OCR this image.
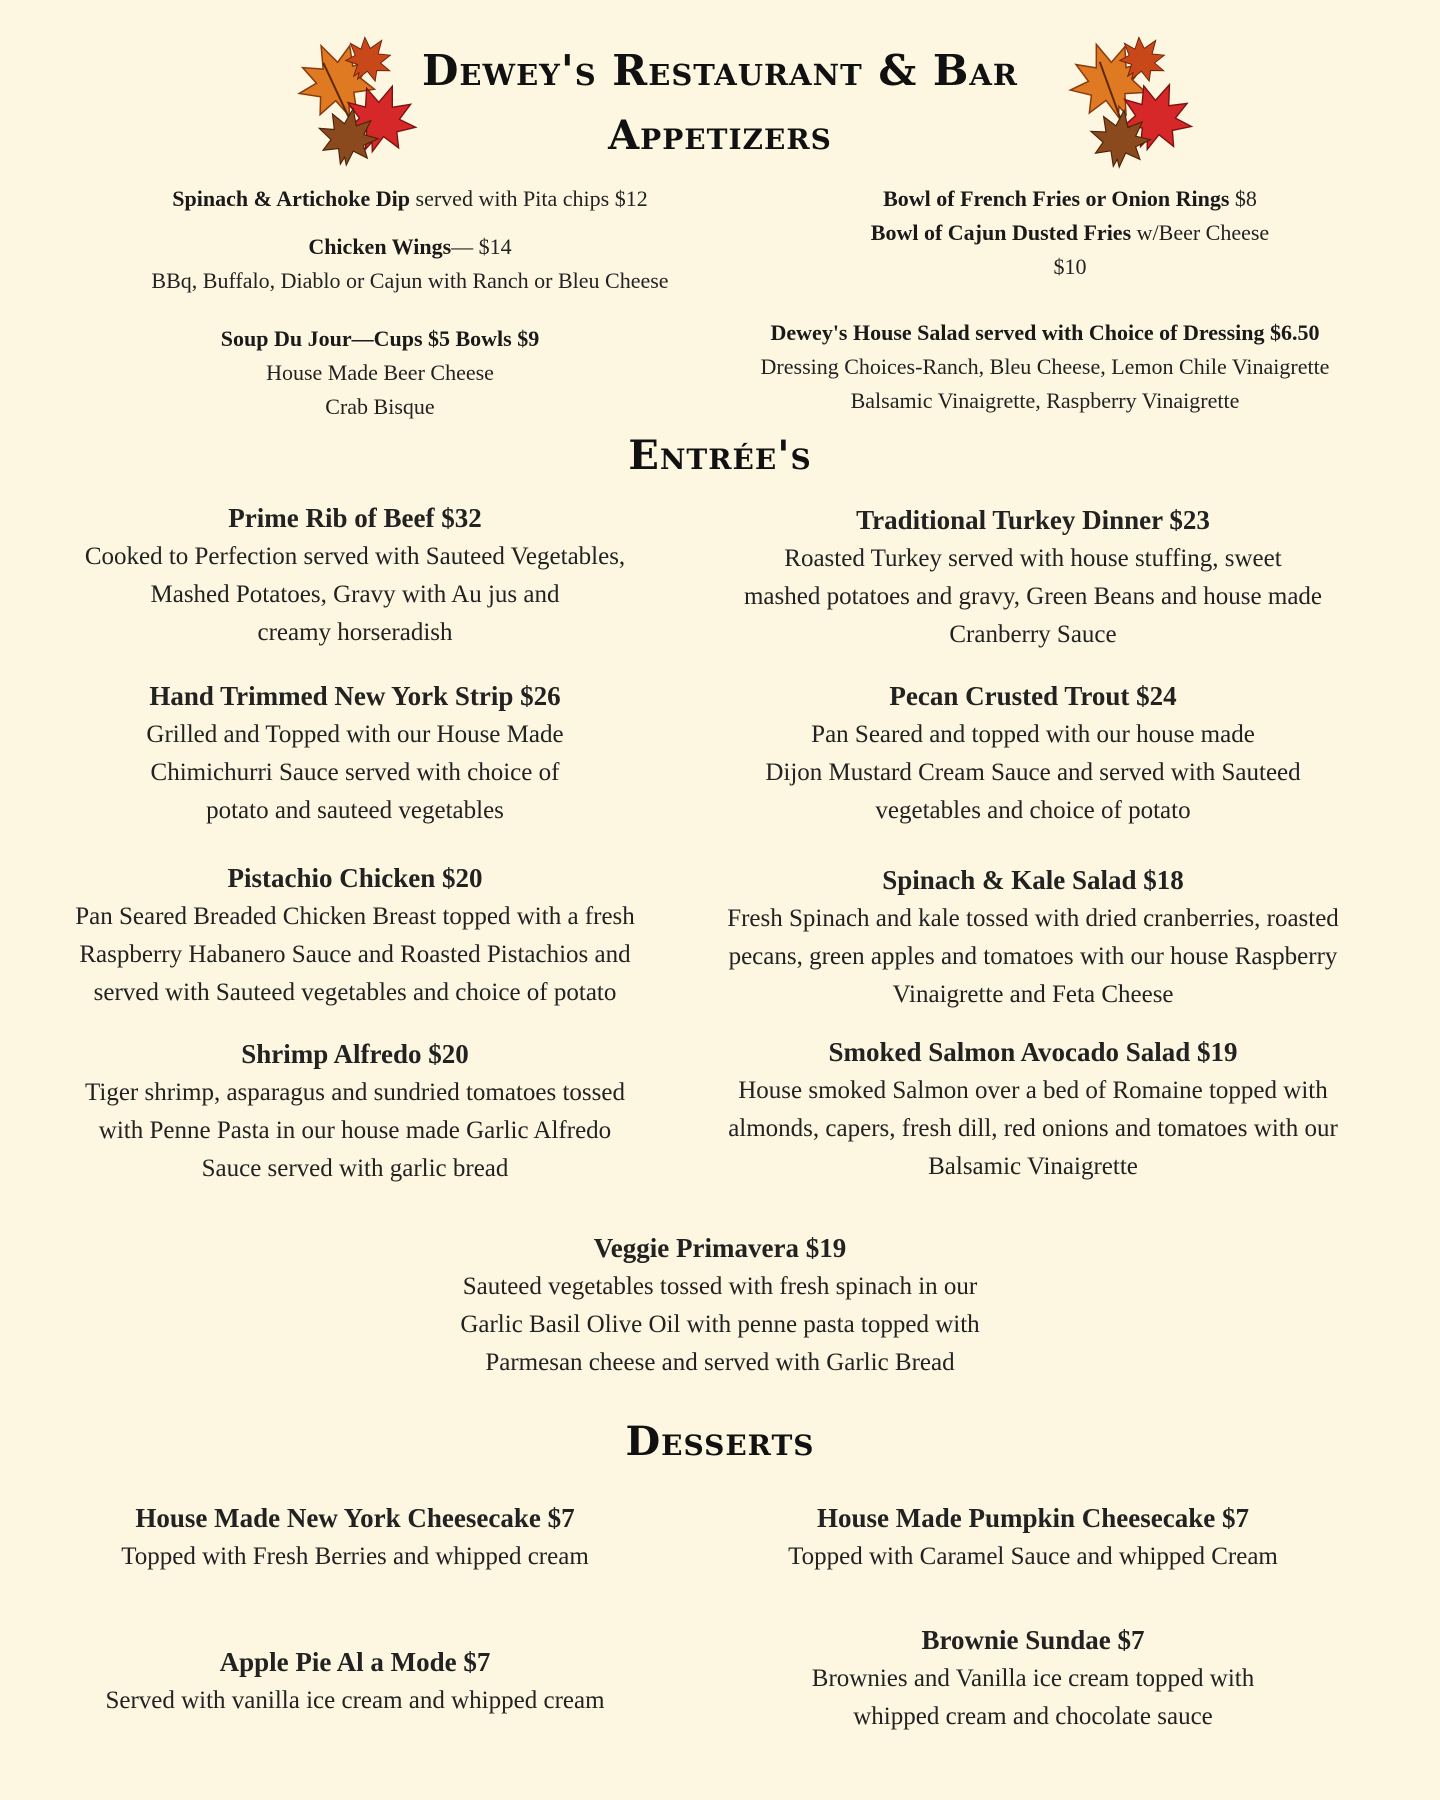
Dewey's Restaurant & Bar
Appetizers
Spinach & Artichoke Dip served with Pita chips $12
Chicken Wings— $14
BBq, Buffalo, Diablo or Cajun with Ranch or Bleu Cheese
Soup Du Jour—Cups $5 Bowls $9
House Made Beer Cheese
Crab Bisque
Bowl of French Fries or Onion Rings $8
Bowl of Cajun Dusted Fries w/Beer Cheese
$10
Dewey's House Salad served with Choice of Dressing $6.50
Dressing Choices-Ranch, Bleu Cheese, Lemon Chile Vinaigrette
Balsamic Vinaigrette, Raspberry Vinaigrette
Entrée's
Prime Rib of Beef $32
Cooked to Perfection served with Sauteed Vegetables,
Mashed Potatoes, Gravy with Au jus and
creamy horseradish
Hand Trimmed New York Strip $26
Grilled and Topped with our House Made
Chimichurri Sauce served with choice of
potato and sauteed vegetables
Pistachio Chicken $20
Pan Seared Breaded Chicken Breast topped with a fresh
Raspberry Habanero Sauce and Roasted Pistachios and
served with Sauteed vegetables and choice of potato
Shrimp Alfredo $20
Tiger shrimp, asparagus and sundried tomatoes tossed
with Penne Pasta in our house made Garlic Alfredo
Sauce served with garlic bread
Traditional Turkey Dinner $23
Roasted Turkey served with house stuffing, sweet
mashed potatoes and gravy, Green Beans and house made
Cranberry Sauce
Pecan Crusted Trout $24
Pan Seared and topped with our house made
Dijon Mustard Cream Sauce and served with Sauteed
vegetables and choice of potato
Spinach & Kale Salad $18
Fresh Spinach and kale tossed with dried cranberries, roasted
pecans, green apples and tomatoes with our house Raspberry
Vinaigrette and Feta Cheese
Smoked Salmon Avocado Salad $19
House smoked Salmon over a bed of Romaine topped with
almonds, capers, fresh dill, red onions and tomatoes with our
Balsamic Vinaigrette
Veggie Primavera $19
Sauteed vegetables tossed with fresh spinach in our
Garlic Basil Olive Oil with penne pasta topped with
Parmesan cheese and served with Garlic Bread
Desserts
House Made New York Cheesecake $7
Topped with Fresh Berries and whipped cream
House Made Pumpkin Cheesecake $7
Topped with Caramel Sauce and whipped Cream
Apple Pie Al a Mode $7
Served with vanilla ice cream and whipped cream
Brownie Sundae $7
Brownies and Vanilla ice cream topped with
whipped cream and chocolate sauce
